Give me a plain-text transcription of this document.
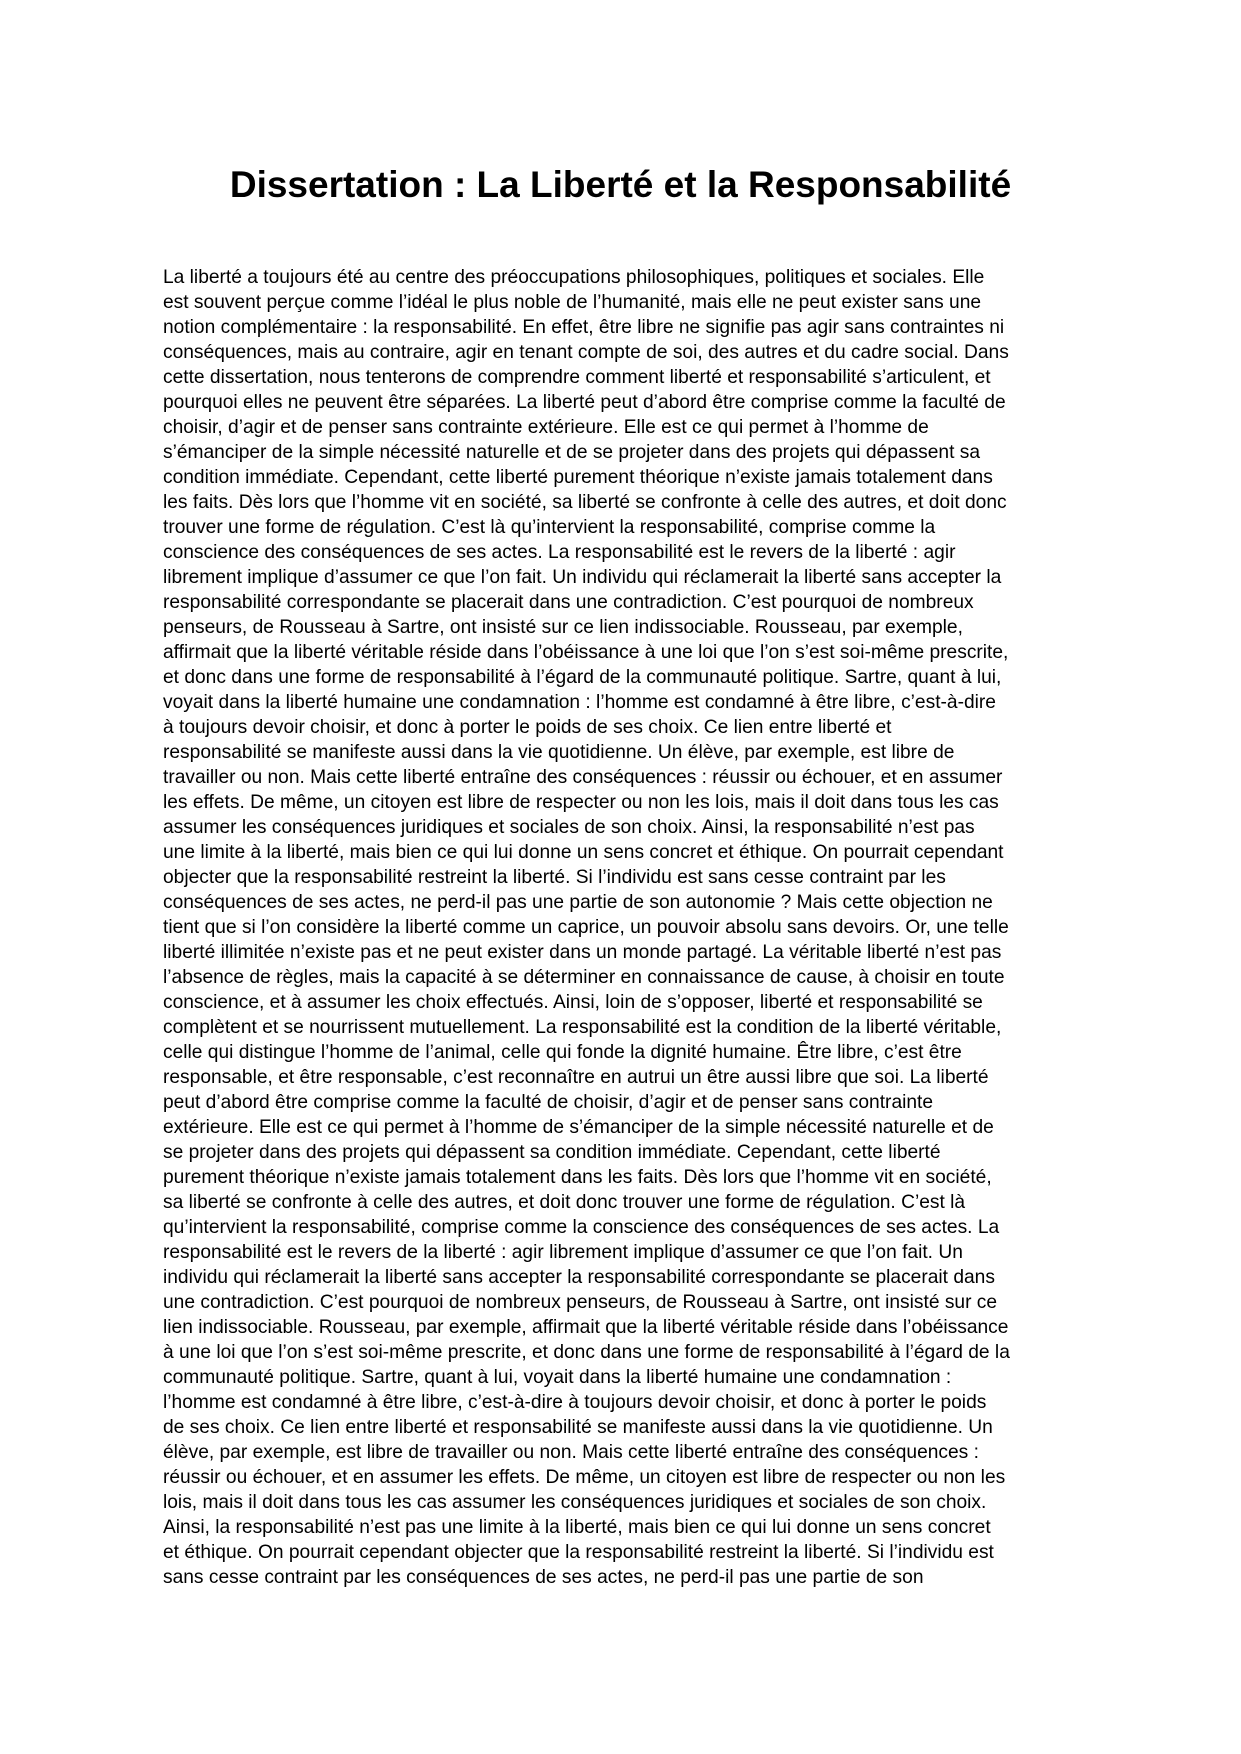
Dissertation : La Liberté et la Responsabilité
La liberté a toujours été au centre des préoccupations philosophiques, politiques et sociales. Elle
est souvent perçue comme l’idéal le plus noble de l’humanité, mais elle ne peut exister sans une
notion complémentaire : la responsabilité. En effet, être libre ne signifie pas agir sans contraintes ni
conséquences, mais au contraire, agir en tenant compte de soi, des autres et du cadre social. Dans
cette dissertation, nous tenterons de comprendre comment liberté et responsabilité s’articulent, et
pourquoi elles ne peuvent être séparées. La liberté peut d’abord être comprise comme la faculté de
choisir, d’agir et de penser sans contrainte extérieure. Elle est ce qui permet à l’homme de
s’émanciper de la simple nécessité naturelle et de se projeter dans des projets qui dépassent sa
condition immédiate. Cependant, cette liberté purement théorique n’existe jamais totalement dans
les faits. Dès lors que l’homme vit en société, sa liberté se confronte à celle des autres, et doit donc
trouver une forme de régulation. C’est là qu’intervient la responsabilité, comprise comme la
conscience des conséquences de ses actes. La responsabilité est le revers de la liberté : agir
librement implique d’assumer ce que l’on fait. Un individu qui réclamerait la liberté sans accepter la
responsabilité correspondante se placerait dans une contradiction. C’est pourquoi de nombreux
penseurs, de Rousseau à Sartre, ont insisté sur ce lien indissociable. Rousseau, par exemple,
affirmait que la liberté véritable réside dans l’obéissance à une loi que l’on s’est soi-même prescrite,
et donc dans une forme de responsabilité à l’égard de la communauté politique. Sartre, quant à lui,
voyait dans la liberté humaine une condamnation : l’homme est condamné à être libre, c’est-à-dire
à toujours devoir choisir, et donc à porter le poids de ses choix. Ce lien entre liberté et
responsabilité se manifeste aussi dans la vie quotidienne. Un élève, par exemple, est libre de
travailler ou non. Mais cette liberté entraîne des conséquences : réussir ou échouer, et en assumer
les effets. De même, un citoyen est libre de respecter ou non les lois, mais il doit dans tous les cas
assumer les conséquences juridiques et sociales de son choix. Ainsi, la responsabilité n’est pas
une limite à la liberté, mais bien ce qui lui donne un sens concret et éthique. On pourrait cependant
objecter que la responsabilité restreint la liberté. Si l’individu est sans cesse contraint par les
conséquences de ses actes, ne perd-il pas une partie de son autonomie ? Mais cette objection ne
tient que si l’on considère la liberté comme un caprice, un pouvoir absolu sans devoirs. Or, une telle
liberté illimitée n’existe pas et ne peut exister dans un monde partagé. La véritable liberté n’est pas
l’absence de règles, mais la capacité à se déterminer en connaissance de cause, à choisir en toute
conscience, et à assumer les choix effectués. Ainsi, loin de s’opposer, liberté et responsabilité se
complètent et se nourrissent mutuellement. La responsabilité est la condition de la liberté véritable,
celle qui distingue l’homme de l’animal, celle qui fonde la dignité humaine. Être libre, c’est être
responsable, et être responsable, c’est reconnaître en autrui un être aussi libre que soi. La liberté
peut d’abord être comprise comme la faculté de choisir, d’agir et de penser sans contrainte
extérieure. Elle est ce qui permet à l’homme de s’émanciper de la simple nécessité naturelle et de
se projeter dans des projets qui dépassent sa condition immédiate. Cependant, cette liberté
purement théorique n’existe jamais totalement dans les faits. Dès lors que l’homme vit en société,
sa liberté se confronte à celle des autres, et doit donc trouver une forme de régulation. C’est là
qu’intervient la responsabilité, comprise comme la conscience des conséquences de ses actes. La
responsabilité est le revers de la liberté : agir librement implique d’assumer ce que l’on fait. Un
individu qui réclamerait la liberté sans accepter la responsabilité correspondante se placerait dans
une contradiction. C’est pourquoi de nombreux penseurs, de Rousseau à Sartre, ont insisté sur ce
lien indissociable. Rousseau, par exemple, affirmait que la liberté véritable réside dans l’obéissance
à une loi que l’on s’est soi-même prescrite, et donc dans une forme de responsabilité à l’égard de la
communauté politique. Sartre, quant à lui, voyait dans la liberté humaine une condamnation :
l’homme est condamné à être libre, c’est-à-dire à toujours devoir choisir, et donc à porter le poids
de ses choix. Ce lien entre liberté et responsabilité se manifeste aussi dans la vie quotidienne. Un
élève, par exemple, est libre de travailler ou non. Mais cette liberté entraîne des conséquences :
réussir ou échouer, et en assumer les effets. De même, un citoyen est libre de respecter ou non les
lois, mais il doit dans tous les cas assumer les conséquences juridiques et sociales de son choix.
Ainsi, la responsabilité n’est pas une limite à la liberté, mais bien ce qui lui donne un sens concret
et éthique. On pourrait cependant objecter que la responsabilité restreint la liberté. Si l’individu est
sans cesse contraint par les conséquences de ses actes, ne perd-il pas une partie de son
